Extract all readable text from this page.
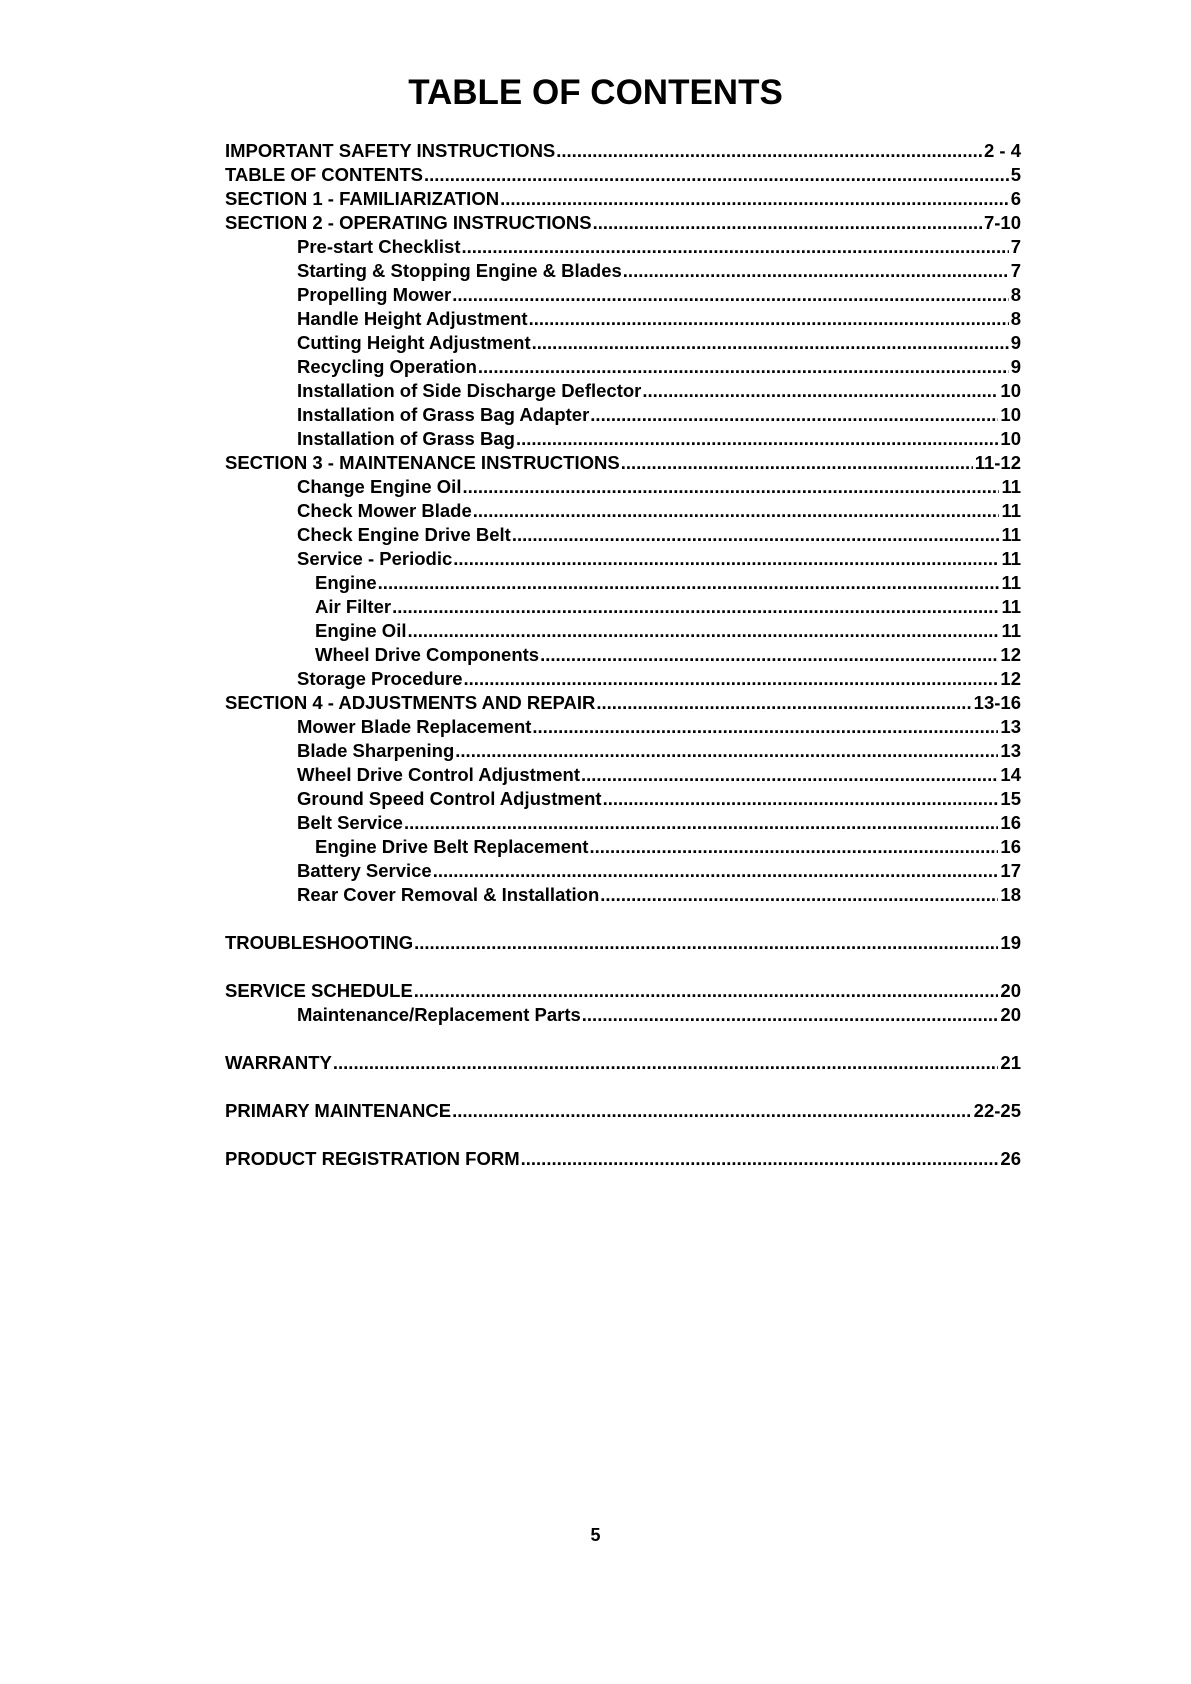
TABLE OF CONTENTS
IMPORTANT SAFETY INSTRUCTIONS .....	2 - 4
TABLE OF CONTENTS .....	5
SECTION 1 - FAMILIARIZATION .....	6
SECTION 2 - OPERATING INSTRUCTIONS .....	7-10
Pre-start Checklist .....	7
Starting & Stopping Engine & Blades .....	7
Propelling Mower .....	8
Handle Height Adjustment .....	8
Cutting Height Adjustment .....	9
Recycling Operation .....	9
Installation of Side Discharge Deflector .....	10
Installation of Grass Bag Adapter .....	10
Installation of Grass Bag .....	10
SECTION 3 - MAINTENANCE INSTRUCTIONS .....	11-12
Change Engine Oil .....	11
Check Mower Blade .....	11
Check Engine Drive Belt .....	11
Service - Periodic .....	11
Engine .....	11
Air Filter .....	11
Engine Oil .....	11
Wheel Drive Components .....	12
Storage Procedure .....	12
SECTION 4 - ADJUSTMENTS AND REPAIR .....	13-16
Mower Blade Replacement .....	13
Blade Sharpening .....	13
Wheel Drive Control Adjustment .....	14
Ground Speed Control Adjustment .....	15
Belt Service .....	16
Engine Drive Belt Replacement .....	16
Battery Service .....	17
Rear Cover Removal & Installation .....	18
TROUBLESHOOTING .....	19
SERVICE SCHEDULE .....	20
Maintenance/Replacement Parts .....	20
WARRANTY .....	21
PRIMARY MAINTENANCE .....	22-25
PRODUCT REGISTRATION FORM .....	26
5
